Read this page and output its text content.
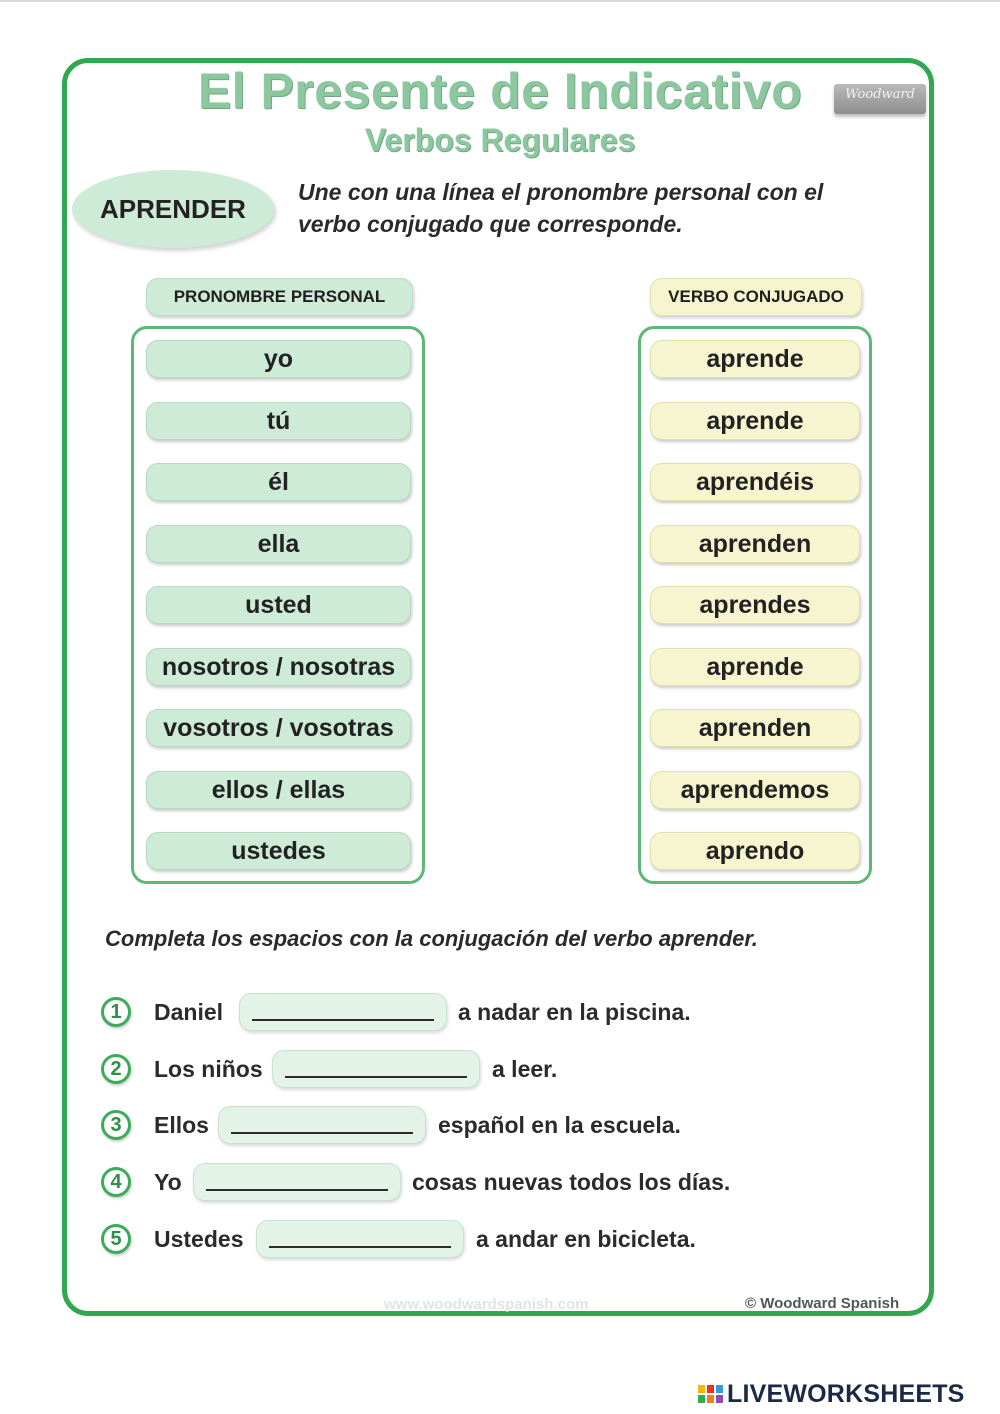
El Presente de Indicativo
Verbos Regulares
Woodward
APRENDER
Une con una línea el pronombre personal con el verbo conjugado que corresponde.
PRONOMBRE PERSONAL	VERBO CONJUGADO
yo
tú
él
ella
usted
nosotros / nosotras
vosotros / vosotras
ellos / ellas
ustedes
aprende
aprende
aprendéis
aprenden
aprendes
aprende
aprenden
aprendemos
aprendo
Completa los espacios con la conjugación del verbo aprender.
1	Daniel	a nadar en la piscina.
2	Los niños	a leer.
3	Ellos	español en la escuela.
4	Yo	cosas nuevas todos los días.
5	Ustedes	a andar en bicicleta.
www.woodwardspanish.com	© Woodward Spanish
LIVEWORKSHEETS
